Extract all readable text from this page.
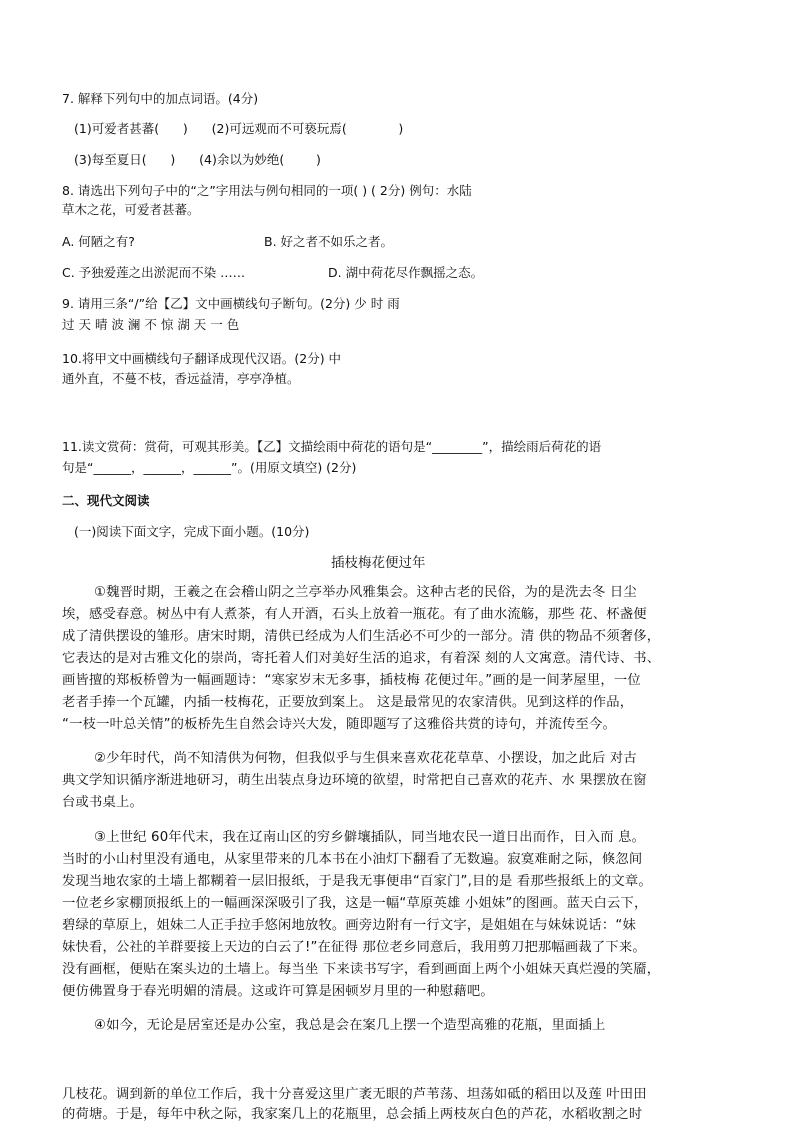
7. 解释下列句中的加点词语。(4分)
(1)可爱者甚蕃(      )      (2)可远观而不可亵玩焉(             )
(3)每至夏日(      )      (4)余以为妙绝(        )
8. 请选出下列句子中的“之”字用法与例句相同的一项( ) ( 2分) 例句：水陆
草木之花，可爱者甚蕃。
A. 何陋之有?	B. 好之者不如乐之者。
C. 予独爱莲之出淤泥而不染 ……	D. 湖中荷花尽作飘摇之态。
9. 请用三条“/”给【乙】文中画横线句子断句。(2分) 少 时 雨
过 天 晴 波 澜 不 惊 湖 天 一 色
10.将甲文中画横线句子翻译成现代汉语。(2分) 中
通外直，不蔓不枝，香远益清，亭亭净植。
11.读文赏荷：赏荷，可观其形美。【乙】文描绘雨中荷花的语句是“________”，描绘雨后荷花的语
句是“______，______，______”。(用原文填空) (2分)
二、现代文阅读
(一)阅读下面文字，完成下面小题。(10分)
插枝梅花便过年
①魏晋时期，王羲之在会稽山阴之兰亭举办风雅集会。这种古老的民俗，为的是洗去冬 日尘
埃，感受春意。树丛中有人煮茶，有人开酒，石头上放着一瓶花。有了曲水流觞，那些 花、杯盏便
成了清供摆设的雏形。唐宋时期，清供已经成为人们生活必不可少的一部分。清 供的物品不须奢侈，
它表达的是对古雅文化的崇尚，寄托着人们对美好生活的追求，有着深 刻的人文寓意。清代诗、书、
画皆擅的郑板桥曾为一幅画题诗：“寒家岁末无多事，插枝梅 花便过年。”画的是一间茅屋里，一位
老者手捧一个瓦罐，内插一枝梅花，正要放到案上。 这是最常见的农家清供。见到这样的作品，
“一枝一叶总关情”的板桥先生自然会诗兴大发，随即题写了这雅俗共赏的诗句，并流传至今。
②少年时代，尚不知清供为何物，但我似乎与生俱来喜欢花花草草、小摆设，加之此后 对古
典文学知识循序渐进地研习，萌生出装点身边环境的欲望，时常把自己喜欢的花卉、水 果摆放在窗
台或书桌上。
③上世纪 60年代末，我在辽南山区的穷乡僻壤插队，同当地农民一道日出而作，日入而 息。
当时的小山村里没有通电，从家里带来的几本书在小油灯下翻看了无数遍。寂寞难耐之际，倏忽间
发现当地农家的土墙上都糊着一层旧报纸，于是我无事便串“百家门”,目的是 看那些报纸上的文章。
一位老乡家棚顶报纸上的一幅画深深吸引了我，这是一幅“草原英雄 小姐妹”的图画。蓝天白云下，
碧绿的草原上，姐妹二人正手拉手悠闲地放牧。画旁边附有一行文字，是姐姐在与妹妹说话：“妹
妹快看，公社的羊群要接上天边的白云了!”在征得 那位老乡同意后，我用剪刀把那幅画裁了下来。
没有画框，便贴在案头边的土墙上。每当坐 下来读书写字，看到画面上两个小姐妹天真烂漫的笑靥，
便仿佛置身于春光明媚的清晨。这或许可算是困顿岁月里的一种慰藉吧。
④如今，无论是居室还是办公室，我总是会在案几上摆一个造型高雅的花瓶，里面插上
几枝花。调到新的单位工作后，我十分喜爱这里广袤无眼的芦苇荡、坦荡如砥的稻田以及莲 叶田田
的荷塘。于是，每年中秋之际，我家案几上的花瓶里，总会插上两枝灰白色的芦花，水稻收割之时
